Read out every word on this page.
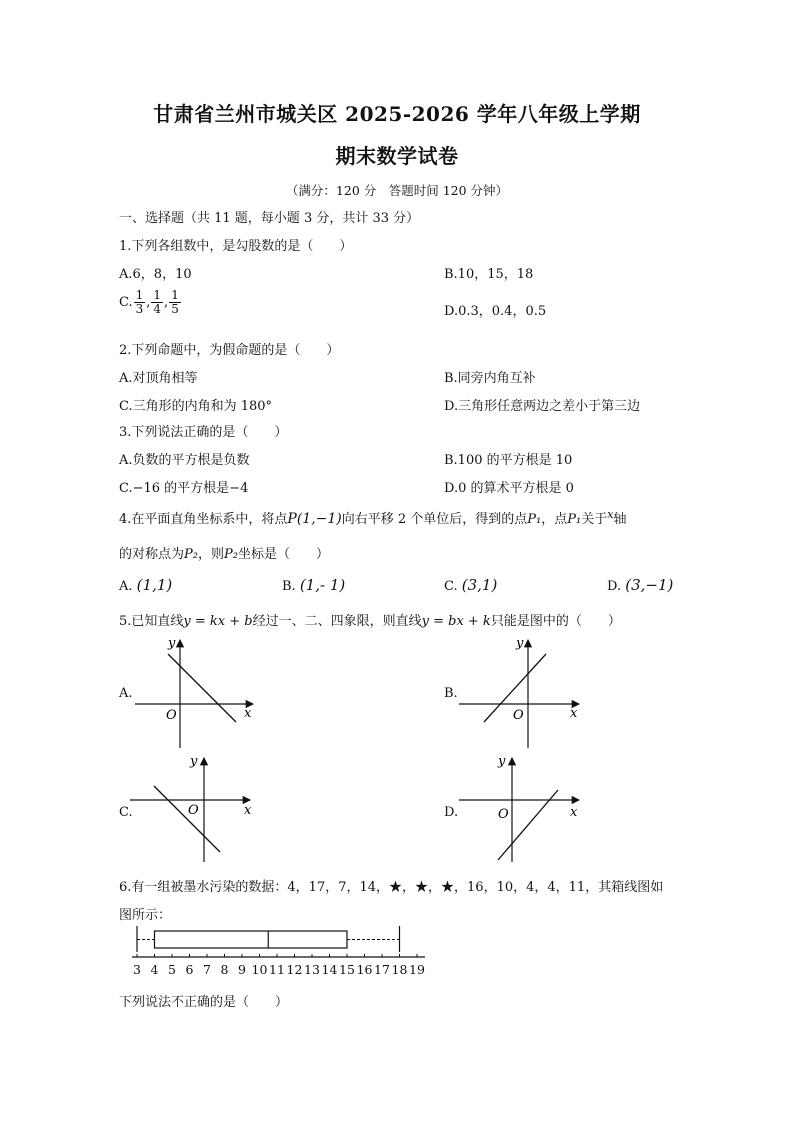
甘肃省兰州市城关区 2025-2026 学年八年级上学期
期末数学试卷
（满分：120 分　答题时间 120 分钟）
一、选择题（共 11 题，每小题 3 分，共计 33 分）
1.下列各组数中，是勾股数的是（　　）
A.6，8，10	B.10，15，18
C. $\frac{1}{3}$ , $\frac{1}{4}$ , $\frac{1}{5}$	D.0.3，0.4，0.5
2.下列命题中，为假命题的是（　　）
A.对顶角相等	B.同旁内角互补
C.三角形的内角和为 180°	D.三角形任意两边之差小于第三边
3.下列说法正确的是（　　）
A.负数的平方根是负数	B.100 的平方根是 10
C.−16 的平方根是−4	D.0 的算术平方根是 0
4.在平面直角坐标系中，将点P(1,−1)向右平移 2 个单位后，得到的点P₁，点P₁关于$^x$轴
的对称点为P₂，则P₂坐标是（　　）
A. (1,1)	B. (1,- 1)	C. (3,1)	D. (3,−1)
5.已知直线y = kx + b经过一、二、四象限，则直线y = bx + k只能是图中的（　　）
A.
y
x
O
B.
y
x
O
C.
y
x
O	D.
y
x
O
6.有一组被墨水污染的数据：4，17，7，14，★，★，★，16，10，4，4，11，其箱线图如
图所示：
3 4 5 6 7 8 9 10 11 12 13 14 15 16 17 18 19
下列说法不正确的是（　　）
